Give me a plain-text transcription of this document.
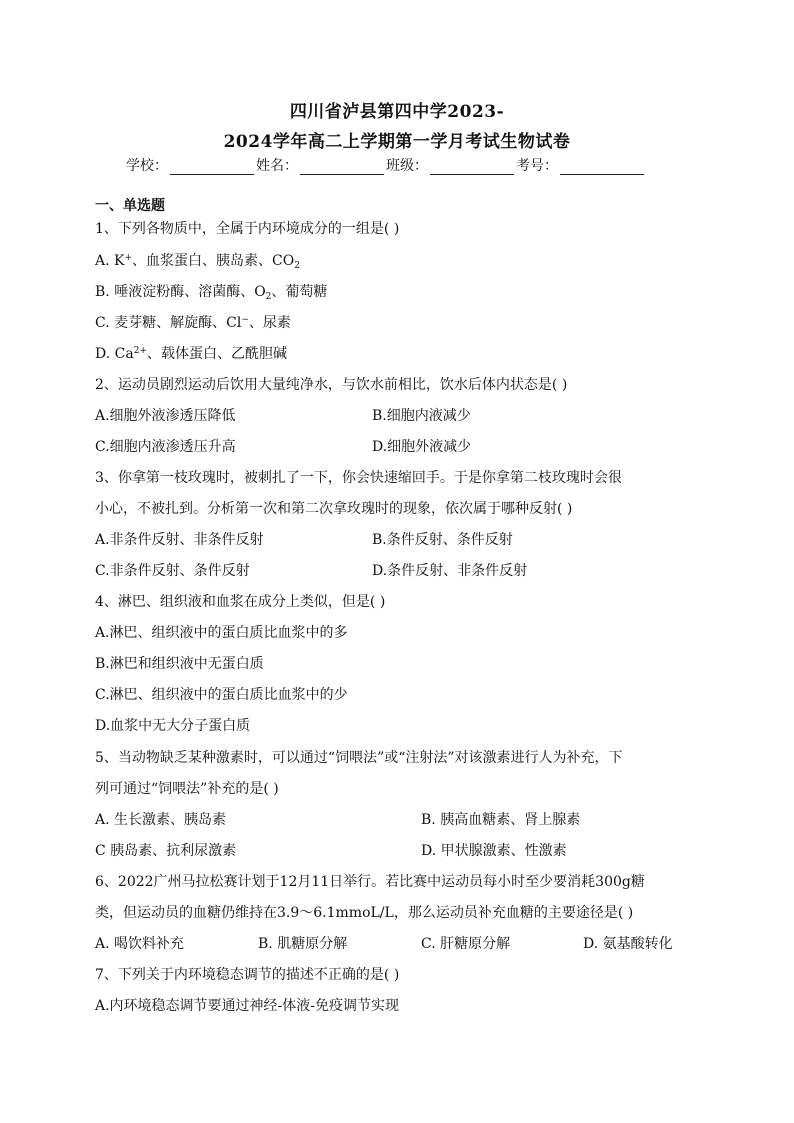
四川省泸县第四中学2023-
2024学年高二上学期第一学月考试生物试卷
学校：	姓名：	班级：	考号：
一、单选题
1、下列各物质中，全属于内环境成分的一组是( )
A. K+、血浆蛋白、胰岛素、$CO_2$
B. 唾液淀粉酶、溶菌酶、$O_2$、葡萄糖
C. 麦芽糖、解旋酶、Cl−、尿素
D. $Ca^{2+}$、载体蛋白、乙酰胆碱
2、运动员剧烈运动后饮用大量纯净水，与饮水前相比，饮水后体内状态是( )
A.细胞外液渗透压降低	B.细胞内液减少
C.细胞内液渗透压升高	D.细胞外液减少
3、你拿第一枝玫瑰时，被刺扎了一下，你会快速缩回手。于是你拿第二枝玫瑰时会很
小心，不被扎到。分析第一次和第二次拿玫瑰时的现象，依次属于哪种反射( )
A.非条件反射、非条件反射	B.条件反射、条件反射
C.非条件反射、条件反射	D.条件反射、非条件反射
4、淋巴、组织液和血浆在成分上类似，但是( )
A.淋巴、组织液中的蛋白质比血浆中的多
B.淋巴和组织液中无蛋白质
C.淋巴、组织液中的蛋白质比血浆中的少
D.血浆中无大分子蛋白质
5、当动物缺乏某种激素时，可以通过“饲喂法”或“注射法”对该激素进行人为补充，下
列可通过“饲喂法”补充的是( )
A. 生长激素、胰岛素	B. 胰高血糖素、肾上腺素
C 胰岛素、抗利尿激素	D. 甲状腺激素、性激素
6、2022广州马拉松赛计划于12月11日举行。若比赛中运动员每小时至少要消耗300g糖
类，但运动员的血糖仍维持在3.9～6.1mmoL/L，那么运动员补充血糖的主要途径是( )
A. 喝饮料补充	B. 肌糖原分解	C. 肝糖原分解	D. 氨基酸转化
7、下列关于内环境稳态调节的描述不正确的是( )
A.内环境稳态调节要通过神经-体液-免疫调节实现
